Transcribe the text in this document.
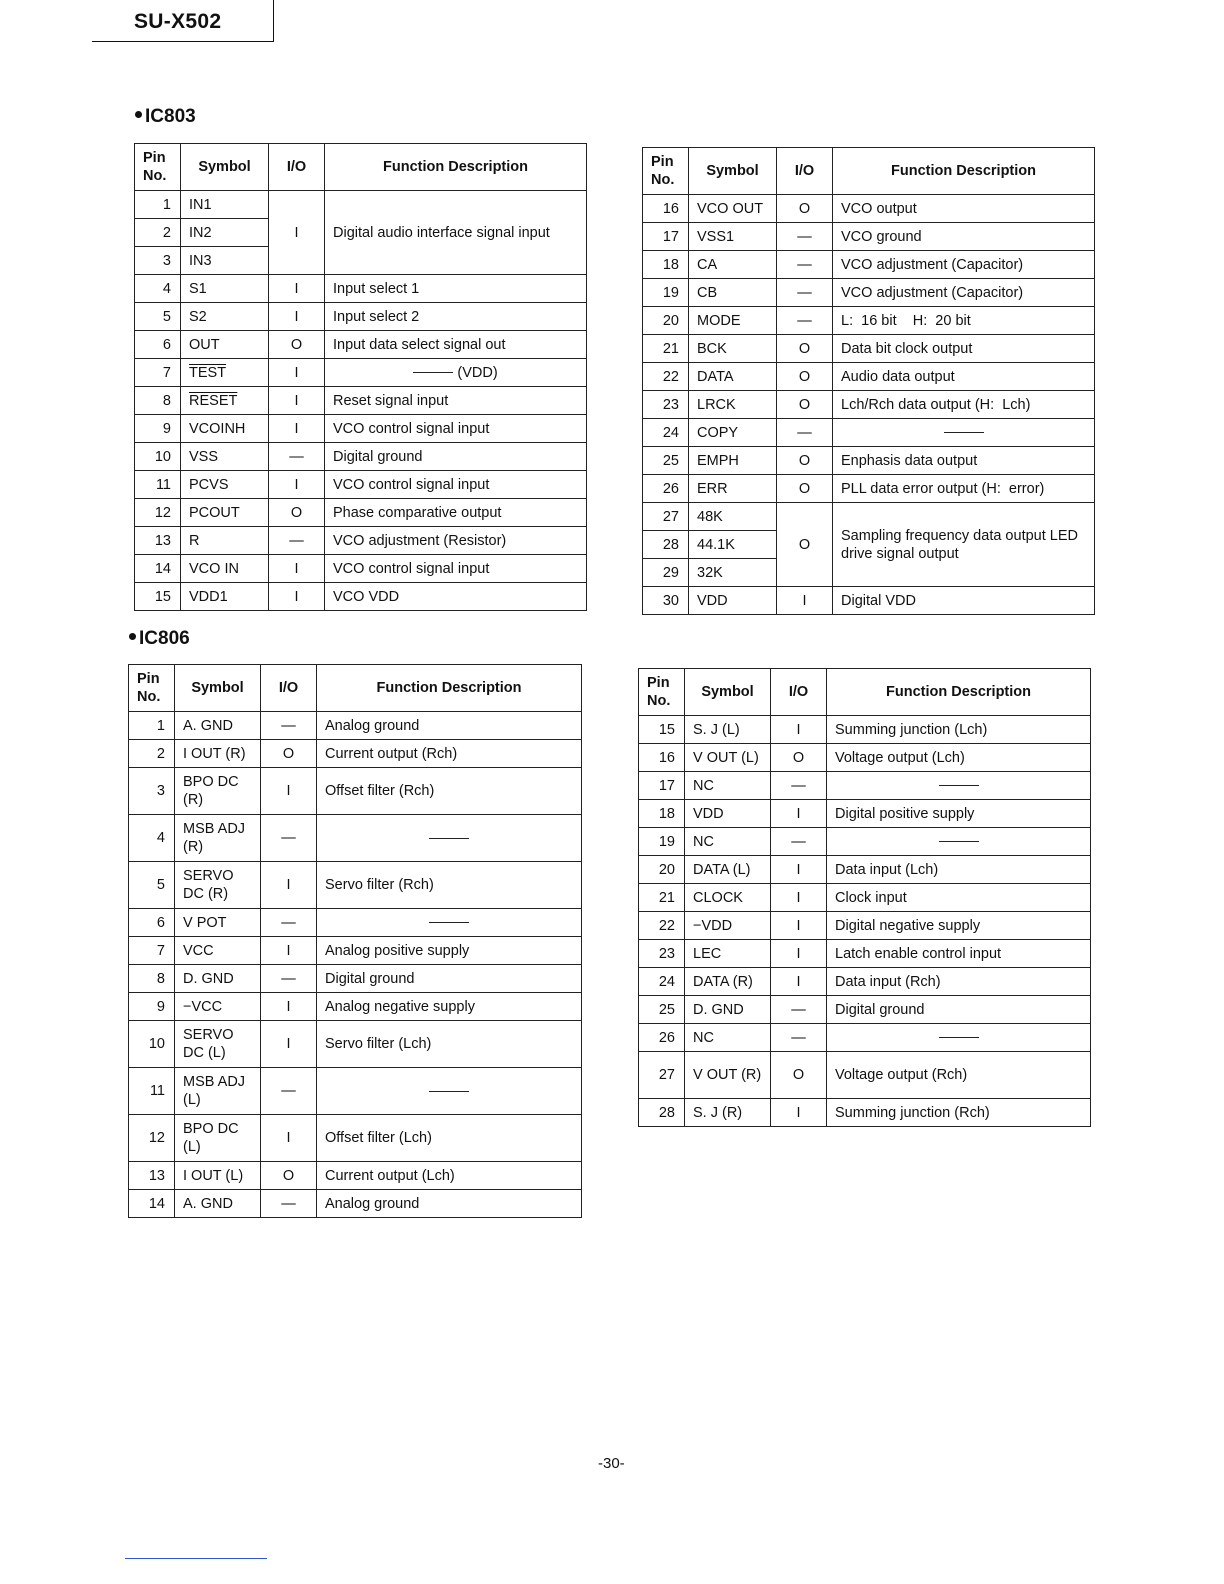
SU-X502
IC803
IC806
Pin
No.	Symbol	I/O	Function Description
1	IN1	I	Digital audio interface signal input
2	IN2		
3	IN3		
4	S1	I	Input select 1
5	S2	I	Input select 2
6	OUT	O	Input data select signal out
7	TEST	I	(VDD)
8	RESET	I	Reset signal input
9	VCOINH	I	VCO control signal input
10	VSS	—	Digital ground
11	PCVS	I	VCO control signal input
12	PCOUT	O	Phase comparative output
13	R	—	VCO adjustment (Resistor)
14	VCO IN	I	VCO control signal input
15	VDD1	I	VCO VDD
Pin
No.	Symbol	I/O	Function Description
16	VCO OUT	O	VCO output
17	VSS1	—	VCO ground
18	CA	—	VCO adjustment (Capacitor)
19	CB	—	VCO adjustment (Capacitor)
20	MODE	—	L:  16 bit    H:  20 bit
21	BCK	O	Data bit clock output
22	DATA	O	Audio data output
23	LRCK	O	Lch/Rch data output (H:  Lch)
24	COPY	—	
25	EMPH	O	Enphasis data output
26	ERR	O	PLL data error output (H:  error)
27	48K	O	Sampling frequency data output LED drive signal output
28	44.1K		
29	32K		
30	VDD	I	Digital VDD
Pin
No.	Symbol	I/O	Function Description
1	A. GND	—	Analog ground
2	I OUT (R)	O	Current output (Rch)
3	BPO DC (R)	I	Offset filter (Rch)
4	MSB ADJ (R)	—	
5	SERVO DC (R)	I	Servo filter (Rch)
6	V POT	—	
7	VCC	I	Analog positive supply
8	D. GND	—	Digital ground
9	−VCC	I	Analog negative supply
10	SERVO DC (L)	I	Servo filter (Lch)
11	MSB ADJ (L)	—	
12	BPO DC (L)	I	Offset filter (Lch)
13	I OUT (L)	O	Current output (Lch)
14	A. GND	—	Analog ground
Pin
No.	Symbol	I/O	Function Description
15	S. J (L)	I	Summing junction (Lch)
16	V OUT (L)	O	Voltage output (Lch)
17	NC	—	
18	VDD	I	Digital positive supply
19	NC	—	
20	DATA (L)	I	Data input (Lch)
21	CLOCK	I	Clock input
22	−VDD	I	Digital negative supply
23	LEC	I	Latch enable control input
24	DATA (R)	I	Data input (Rch)
25	D. GND	—	Digital ground
26	NC	—	
27	V OUT (R)	O	Voltage output (Rch)
28	S. J (R)	I	Summing junction (Rch)
-30-
